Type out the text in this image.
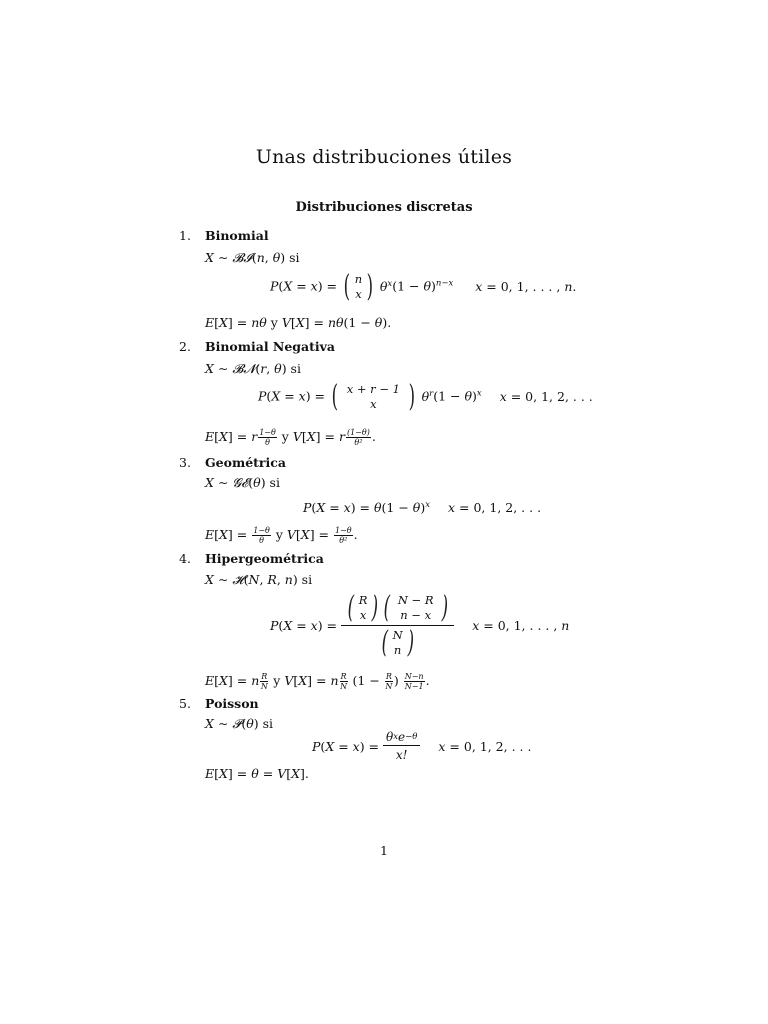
Unas distribuciones útiles
Distribuciones discretas
1. Binomial
X ∼ 𝓑𝓘(n, θ) si
P(X = x) = ( n
x ) $\theta^x(1 - \theta)^{n-x}$ x = 0, 1, . . . , n.
E[X] = nθ y V[X] = nθ(1 − θ).
2. Binomial Negativa
X ∼ 𝓑𝓝(r, θ) si
P(X = x) = ( x + r − 1
x ) $\theta^r(1 - \theta)^x$ x = 0, 1, 2, . . .
E[X] = r $\frac{1-\theta}{\theta}$ y V[X] = r $\frac{(1-\theta)}{\text{θ²}}$ .
3. Geométrica
X ∼ 𝓖𝓔(θ) si
$P(X = x) = \theta(1 - \theta)^x$ x = 0, 1, 2, . . .
$E[X] = \frac{1-\theta}{\theta}$ y $V[X] = \frac{1-\theta}{\text{θ²}}$ .
4. Hipergeométrica
X ∼ 𝓗(N, R, n) si
P(X = x) = ( R
x ) ( N − R
n − x )
( N
n ) x = 0, 1, . . . , n
E[X] = n $\frac{R}{N}$ y V[X] = n $\frac{R}{N} (1 - \frac{R}{N}$ ) $\frac{N-n}{N-1}$ .
5. Poisson
X ∼ 𝓟(θ) si
P(X = x) =
θ x e −θ
x!
x = 0, 1, 2, . . .
E[X] = θ = V[X].
1
